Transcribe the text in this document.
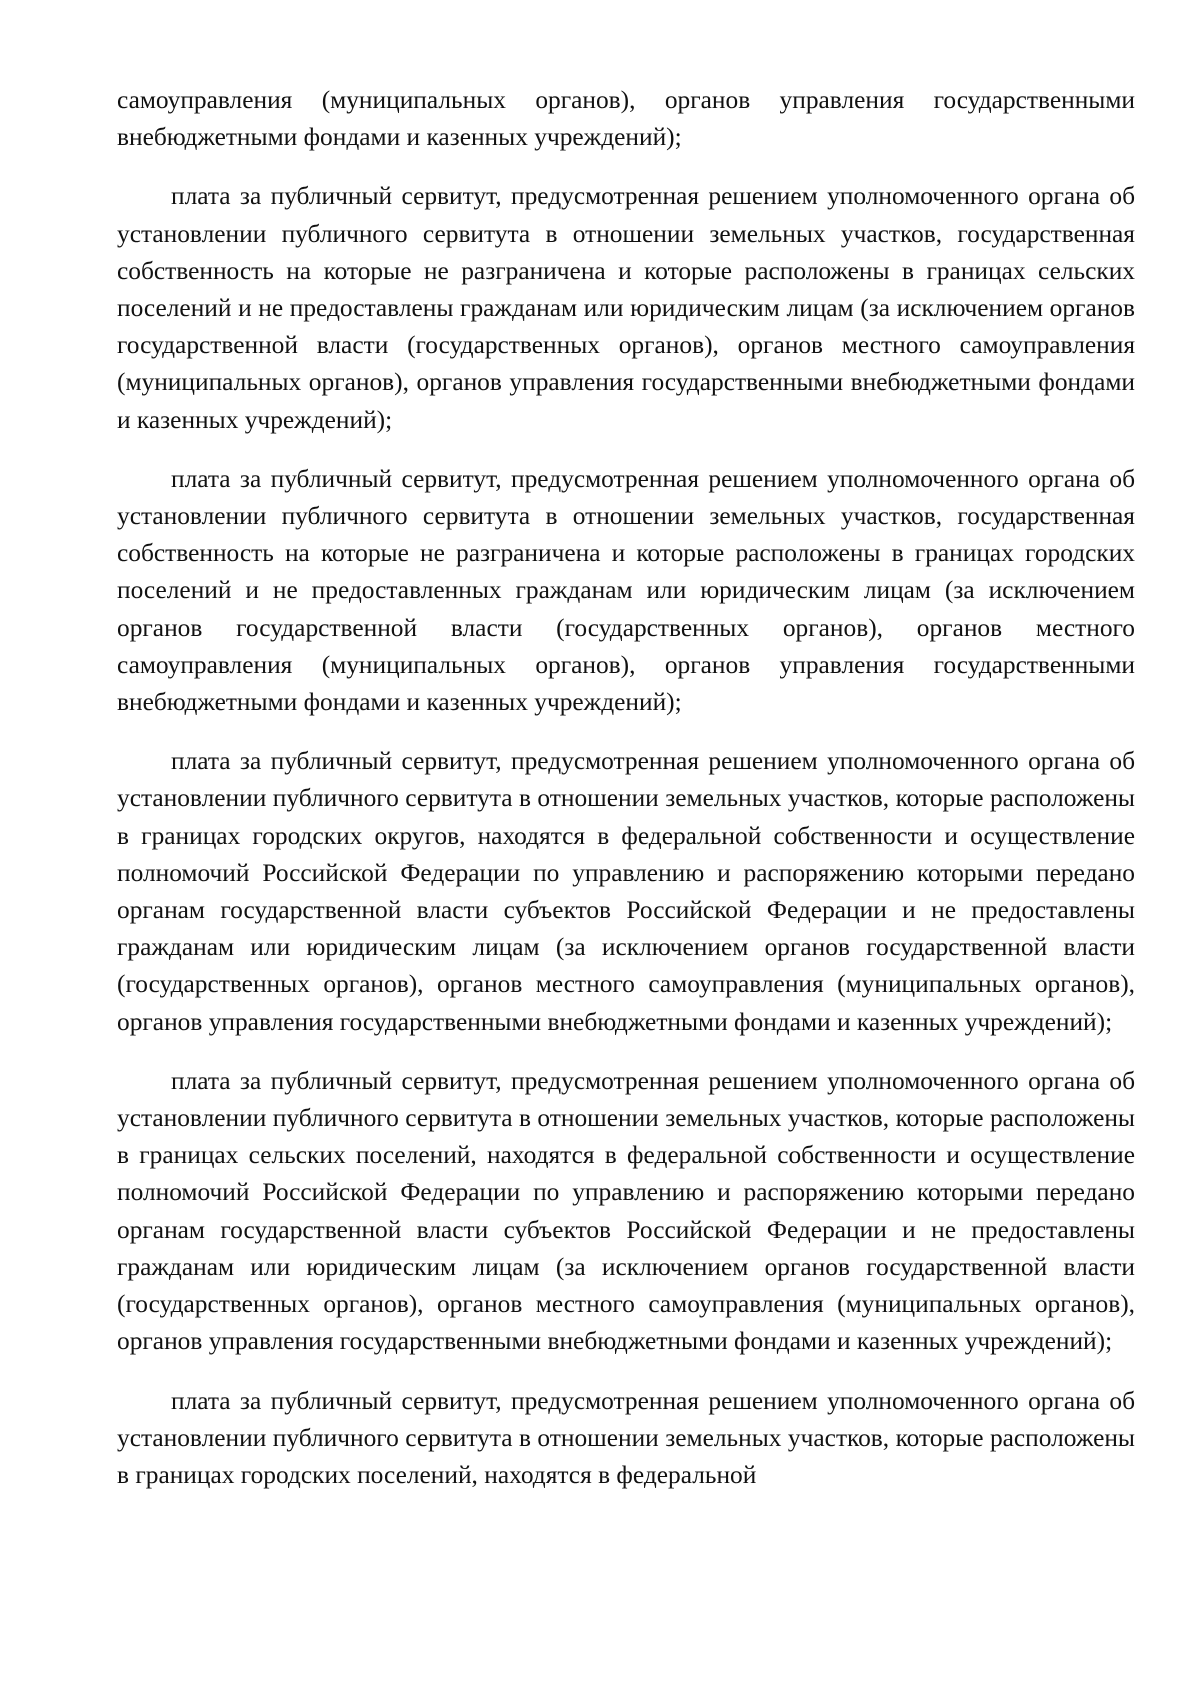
самоуправления (муниципальных органов), органов управления государственными внебюджетными фондами и казенных учреждений);

плата за публичный сервитут, предусмотренная решением уполномоченного органа об установлении публичного сервитута в отношении земельных участков, государственная собственность на которые не разграничена и которые расположены в границах сельских поселений и не предоставлены гражданам или юридическим лицам (за исключением органов государственной власти (государственных органов), органов местного самоуправления (муниципальных органов), органов управления государственными внебюджетными фондами и казенных учреждений);

плата за публичный сервитут, предусмотренная решением уполномоченного органа об установлении публичного сервитута в отношении земельных участков, государственная собственность на которые не разграничена и которые расположены в границах городских поселений и не предоставленных гражданам или юридическим лицам (за исключением органов государственной власти (государственных органов), органов местного самоуправления (муниципальных органов), органов управления государственными внебюджетными фондами и казенных учреждений);

плата за публичный сервитут, предусмотренная решением уполномоченного органа об установлении публичного сервитута в отношении земельных участков, которые расположены в границах городских округов, находятся в федеральной собственности и осуществление полномочий Российской Федерации по управлению и распоряжению которыми передано органам государственной власти субъектов Российской Федерации и не предоставлены гражданам или юридическим лицам (за исключением органов государственной власти (государственных органов), органов местного самоуправления (муниципальных органов), органов управления государственными внебюджетными фондами и казенных учреждений);

плата за публичный сервитут, предусмотренная решением уполномоченного органа об установлении публичного сервитута в отношении земельных участков, которые расположены в границах сельских поселений, находятся в федеральной собственности и осуществление полномочий Российской Федерации по управлению и распоряжению которыми передано органам государственной власти субъектов Российской Федерации и не предоставлены гражданам или юридическим лицам (за исключением органов государственной власти (государственных органов), органов местного самоуправления (муниципальных органов), органов управления государственными внебюджетными фондами и казенных учреждений);

плата за публичный сервитут, предусмотренная решением уполномоченного органа об установлении публичного сервитута в отношении земельных участков, которые расположены в границах городских поселений, находятся в федеральной
